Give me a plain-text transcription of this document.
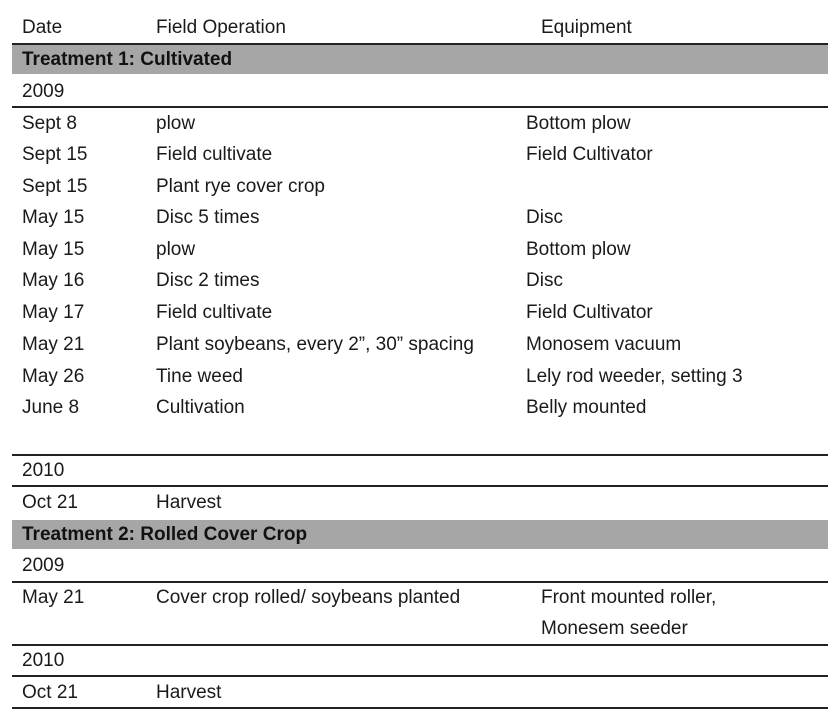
Date	Field Operation	Equipment
Treatment 1: Cultivated
2009
Sept 8	plow	Bottom plow
Sept 15	Field cultivate	Field Cultivator
Sept 15	Plant rye cover crop
May 15	Disc 5 times	Disc
May 15	plow	Bottom plow
May 16	Disc 2 times	Disc
May 17	Field cultivate	Field Cultivator
May 21	Plant soybeans, every 2”, 30” spacing	Monosem vacuum
May 26	Tine weed	Lely rod weeder, setting 3
June 8	Cultivation	Belly mounted
2010
Oct 21	Harvest
Treatment 2: Rolled Cover Crop
2009
May 21	Cover crop rolled/ soybeans planted	Front mounted roller,
Monesem seeder
2010
Oct 21	Harvest
